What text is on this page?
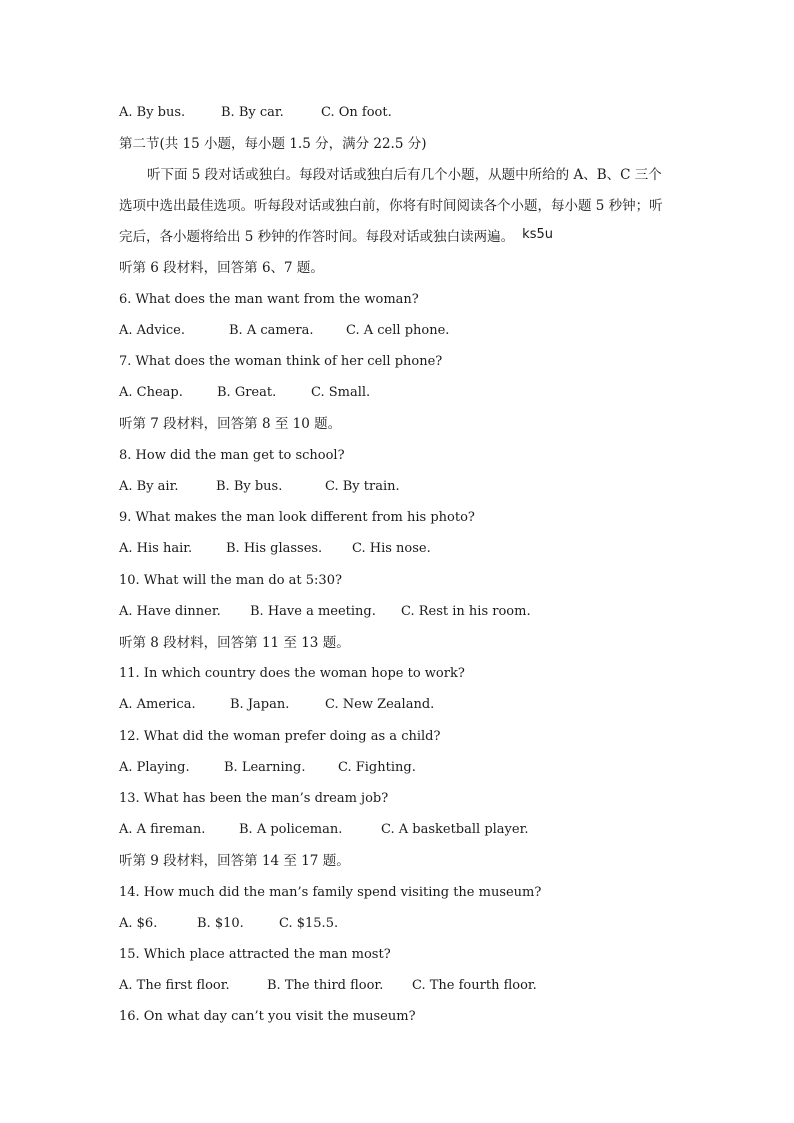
A. By bus.	B. By car.	C. On foot.
第二节(共 15 小题，每小题 1.5 分，满分 22.5 分)
听下面 5 段对话或独白。每段对话或独白后有几个小题，从题中所给的 A、B、C 三个
选项中选出最佳选项。听每段对话或独白前，你将有时间阅读各个小题，每小题 5 秒钟；听
完后，各小题将给出 5 秒钟的作答时间。每段对话或独白读两遍。 ks5u
听第 6 段材料，回答第 6、7 题。
6. What does the man want from the woman?
A. Advice.	B. A camera.	C. A cell phone.
7. What does the woman think of her cell phone?
A. Cheap.	B. Great.	C. Small.
听第 7 段材料，回答第 8 至 10 题。
8. How did the man get to school?
A. By air.	B. By bus.	C. By train.
9. What makes the man look different from his photo?
A. His hair.	B. His glasses. C. His nose.
10. What will the man do at 5:30?
A. Have dinner. B. Have a meeting. C. Rest in his room.
听第 8 段材料，回答第 11 至 13 题。
11. In which country does the woman hope to work?
A. America.	B. Japan.	C. New Zealand.
12. What did the woman prefer doing as a child?
A. Playing.	B. Learning.	C. Fighting.
13. What has been the man’s dream job?
A. A fireman.	B. A policeman.	C. A basketball player.
听第 9 段材料，回答第 14 至 17 题。
14. How much did the man’s family spend visiting the museum?
A. $6.	B. $10.	C. $15.5.
15. Which place attracted the man most?
A. The first floor.	B. The third floor. C. The fourth floor.
16. On what day can’t you visit the museum?
